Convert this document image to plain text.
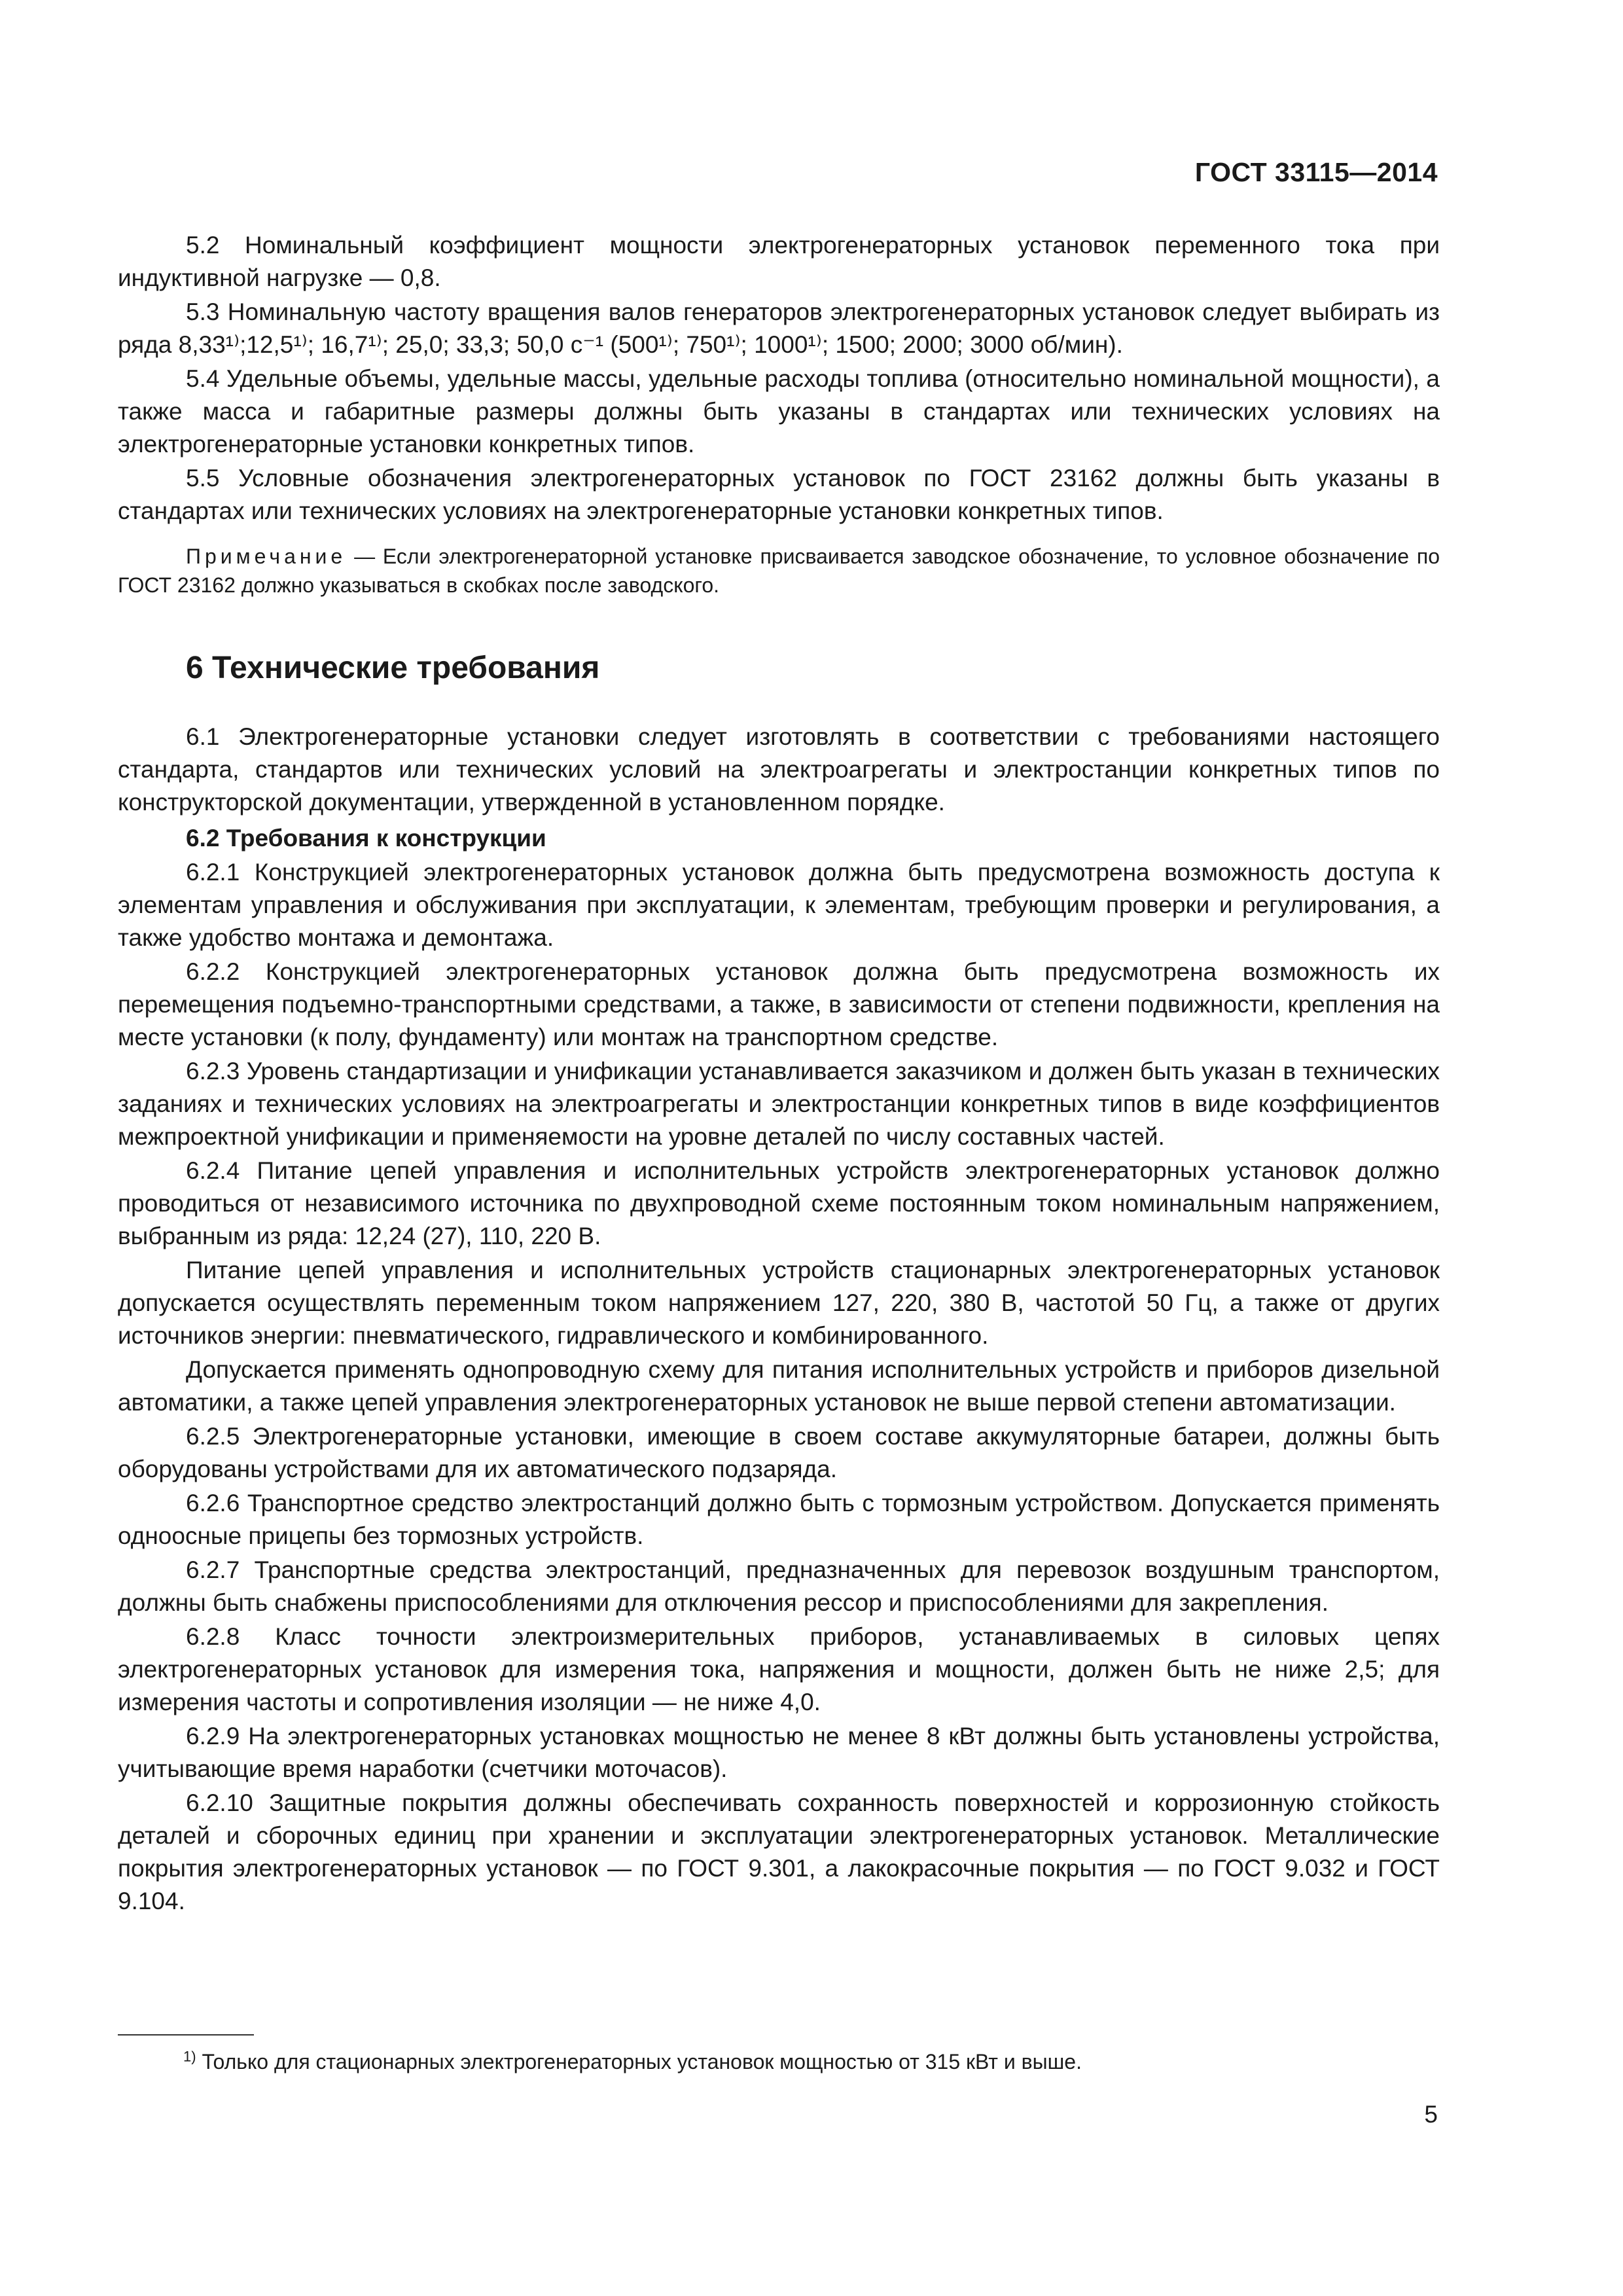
ГОСТ 33115—2014

5.2 Номинальный коэффициент мощности электрогенераторных установок переменного тока при индуктивной нагрузке — 0,8.

5.3 Номинальную частоту вращения валов генераторов электрогенераторных установок следует выбирать из ряда 8,33¹⁾;12,5¹⁾; 16,7¹⁾; 25,0; 33,3; 50,0 с⁻¹ (500¹⁾; 750¹⁾; 1000¹⁾; 1500; 2000; 3000 об/мин).

5.4 Удельные объемы, удельные массы, удельные расходы топлива (относительно номинальной мощности), а также масса и габаритные размеры должны быть указаны в стандартах или технических условиях на электрогенераторные установки конкретных типов.

5.5 Условные обозначения электрогенераторных установок по ГОСТ 23162 должны быть указаны в стандартах или технических условиях на электрогенераторные установки конкретных типов.

Примечание — Если электрогенераторной установке присваивается заводское обозначение, то условное обозначение по ГОСТ 23162 должно указываться в скобках после заводского.

6 Технические требования

6.1 Электрогенераторные установки следует изготовлять в соответствии с требованиями настоящего стандарта, стандартов или технических условий на электроагрегаты и электростанции конкретных типов по конструкторской документации, утвержденной в установленном порядке.

6.2 Требования к конструкции

6.2.1 Конструкцией электрогенераторных установок должна быть предусмотрена возможность доступа к элементам управления и обслуживания при эксплуатации, к элементам, требующим проверки и регулирования, а также удобство монтажа и демонтажа.

6.2.2 Конструкцией электрогенераторных установок должна быть предусмотрена возможность их перемещения подъемно-транспортными средствами, а также, в зависимости от степени подвижности, крепления на месте установки (к полу, фундаменту) или монтаж на транспортном средстве.

6.2.3 Уровень стандартизации и унификации устанавливается заказчиком и должен быть указан в технических заданиях и технических условиях на электроагрегаты и электростанции конкретных типов в виде коэффициентов межпроектной унификации и применяемости на уровне деталей по числу составных частей.

6.2.4 Питание цепей управления и исполнительных устройств электрогенераторных установок должно проводиться от независимого источника по двухпроводной схеме постоянным током номинальным напряжением, выбранным из ряда: 12,24 (27), 110, 220 В.

Питание цепей управления и исполнительных устройств стационарных электрогенераторных установок допускается осуществлять переменным током напряжением 127, 220, 380 В, частотой 50 Гц, а также от других источников энергии: пневматического, гидравлического и комбинированного.

Допускается применять однопроводную схему для питания исполнительных устройств и приборов дизельной автоматики, а также цепей управления электрогенераторных установок не выше первой степени автоматизации.

6.2.5 Электрогенераторные установки, имеющие в своем составе аккумуляторные батареи, должны быть оборудованы устройствами для их автоматического подзаряда.

6.2.6 Транспортное средство электростанций должно быть с тормозным устройством. Допускается применять одноосные прицепы без тормозных устройств.

6.2.7 Транспортные средства электростанций, предназначенных для перевозок воздушным транспортом, должны быть снабжены приспособлениями для отключения рессор и приспособлениями для закрепления.

6.2.8 Класс точности электроизмерительных приборов, устанавливаемых в силовых цепях электрогенераторных установок для измерения тока, напряжения и мощности, должен быть не ниже 2,5; для измерения частоты и сопротивления изоляции — не ниже 4,0.

6.2.9 На электрогенераторных установках мощностью не менее 8 кВт должны быть установлены устройства, учитывающие время наработки (счетчики моточасов).

6.2.10 Защитные покрытия должны обеспечивать сохранность поверхностей и коррозионную стойкость деталей и сборочных единиц при хранении и эксплуатации электрогенераторных установок. Металлические покрытия электрогенераторных установок — по ГОСТ 9.301, а лакокрасочные покрытия — по ГОСТ 9.032 и ГОСТ 9.104.

$^{1)}$ Только для стационарных электрогенераторных установок мощностью от 315 кВт и выше.
5
